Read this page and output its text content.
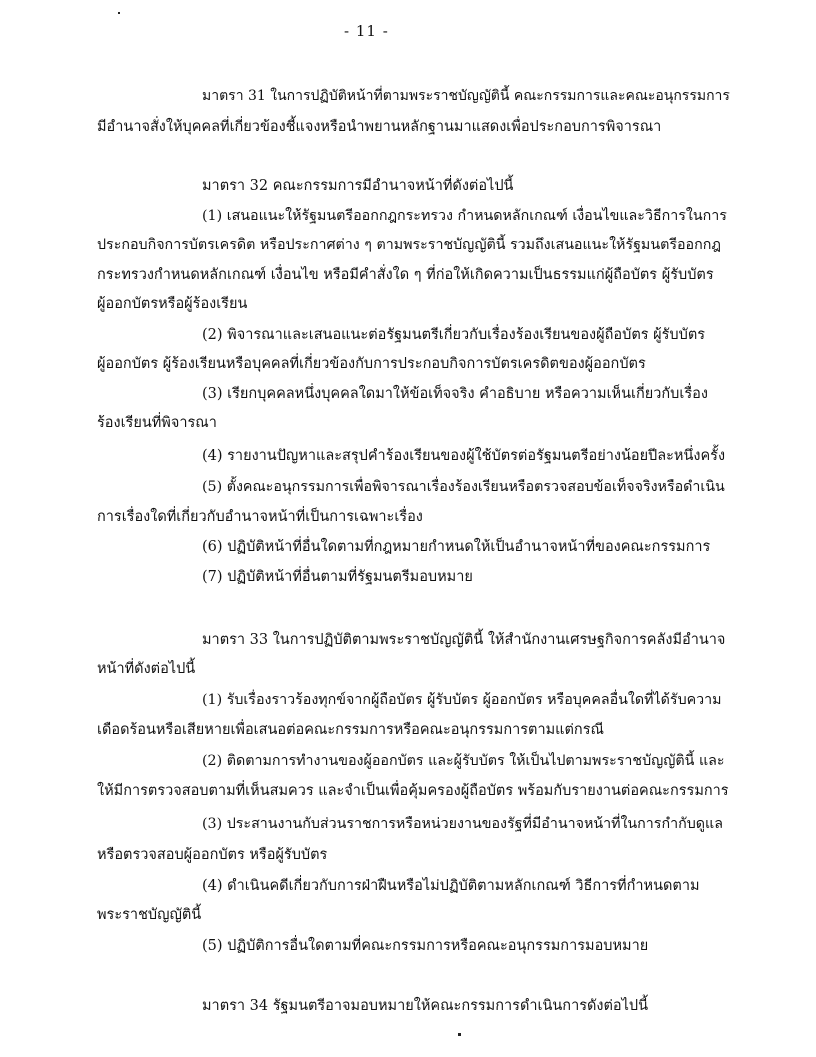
- 11 -
มาตรา 31 ในการปฏิบัติหน้าที่ตามพระราชบัญญัตินี้ คณะกรรมการและคณะอนุกรรมการ
มีอำนาจสั่งให้บุคคลที่เกี่ยวข้องชี้แจงหรือนำพยานหลักฐานมาแสดงเพื่อประกอบการพิจารณา
มาตรา 32 คณะกรรมการมีอำนาจหน้าที่ดังต่อไปนี้
(1) เสนอแนะให้รัฐมนตรีออกกฎกระทรวง กำหนดหลักเกณฑ์ เงื่อนไขและวิธีการในการ
ประกอบกิจการบัตรเครดิต หรือประกาศต่าง ๆ ตามพระราชบัญญัตินี้ รวมถึงเสนอแนะให้รัฐมนตรีออกกฎ
กระทรวงกำหนดหลักเกณฑ์ เงื่อนไข หรือมีคำสั่งใด ๆ ที่ก่อให้เกิดความเป็นธรรมแก่ผู้ถือบัตร ผู้รับบัตร
ผู้ออกบัตรหรือผู้ร้องเรียน
(2) พิจารณาและเสนอแนะต่อรัฐมนตรีเกี่ยวกับเรื่องร้องเรียนของผู้ถือบัตร ผู้รับบัตร
ผู้ออกบัตร ผู้ร้องเรียนหรือบุคคลที่เกี่ยวข้องกับการประกอบกิจการบัตรเครดิตของผู้ออกบัตร
(3) เรียกบุคคลหนึ่งบุคคลใดมาให้ข้อเท็จจริง คำอธิบาย หรือความเห็นเกี่ยวกับเรื่อง
ร้องเรียนที่พิจารณา
(4) รายงานปัญหาและสรุปคำร้องเรียนของผู้ใช้บัตรต่อรัฐมนตรีอย่างน้อยปีละหนึ่งครั้ง
(5) ตั้งคณะอนุกรรมการเพื่อพิจารณาเรื่องร้องเรียนหรือตรวจสอบข้อเท็จจริงหรือดำเนิน
การเรื่องใดที่เกี่ยวกับอำนาจหน้าที่เป็นการเฉพาะเรื่อง
(6) ปฏิบัติหน้าที่อื่นใดตามที่กฎหมายกำหนดให้เป็นอำนาจหน้าที่ของคณะกรรมการ
(7) ปฏิบัติหน้าที่อื่นตามที่รัฐมนตรีมอบหมาย
มาตรา 33 ในการปฏิบัติตามพระราชบัญญัตินี้ ให้สำนักงานเศรษฐกิจการคลังมีอำนาจ
หน้าที่ดังต่อไปนี้
(1) รับเรื่องราวร้องทุกข์จากผู้ถือบัตร ผู้รับบัตร ผู้ออกบัตร หรือบุคคลอื่นใดที่ได้รับความ
เดือดร้อนหรือเสียหายเพื่อเสนอต่อคณะกรรมการหรือคณะอนุกรรมการตามแต่กรณี
(2) ติดตามการทำงานของผู้ออกบัตร และผู้รับบัตร ให้เป็นไปตามพระราชบัญญัตินี้ และ
ให้มีการตรวจสอบตามที่เห็นสมควร และจำเป็นเพื่อคุ้มครองผู้ถือบัตร พร้อมกับรายงานต่อคณะกรรมการ
(3) ประสานงานกับส่วนราชการหรือหน่วยงานของรัฐที่มีอำนาจหน้าที่ในการกำกับดูแล
หรือตรวจสอบผู้ออกบัตร หรือผู้รับบัตร
(4) ดำเนินคดีเกี่ยวกับการฝ่าฝืนหรือไม่ปฏิบัติตามหลักเกณฑ์ วิธีการที่กำหนดตาม
พระราชบัญญัตินี้
(5) ปฏิบัติการอื่นใดตามที่คณะกรรมการหรือคณะอนุกรรมการมอบหมาย
มาตรา 34 รัฐมนตรีอาจมอบหมายให้คณะกรรมการดำเนินการดังต่อไปนี้
